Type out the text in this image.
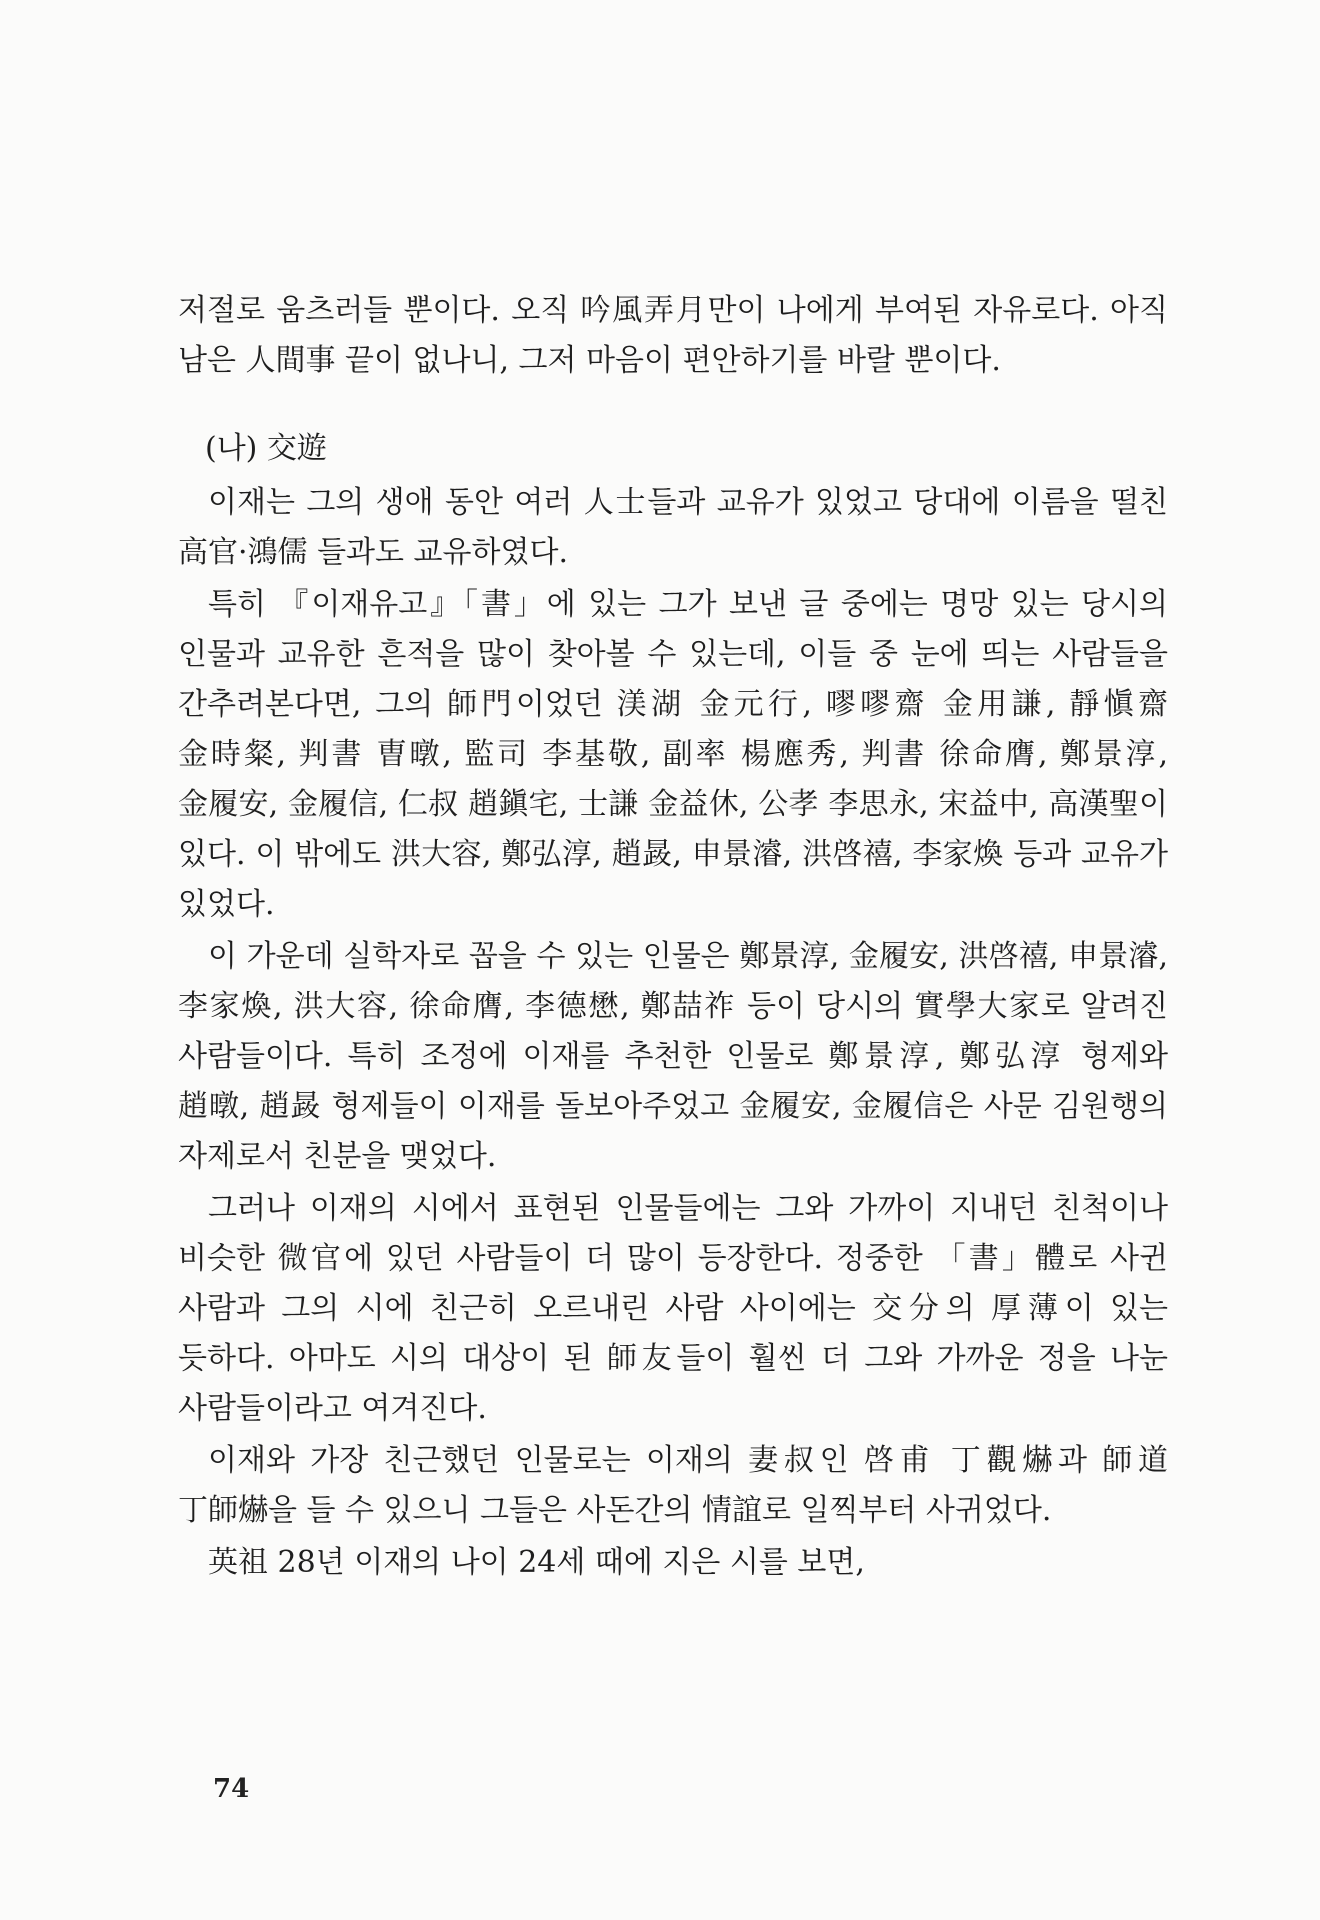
저절로 움츠러들 뿐이다. 오직 吟風弄月만이 나에게 부여된 자유로다. 아직 남은 人間事 끝이 없나니, 그저 마음이 편안하기를 바랄 뿐이다.

(나) 交遊

이재는 그의 생애 동안 여러 人士들과 교유가 있었고 당대에 이름을 떨친 高官·鴻儒 들과도 교유하였다.

특히 『이재유고』「書」에 있는 그가 보낸 글 중에는 명망 있는 당시의 인물과 교유한 흔적을 많이 찾아볼 수 있는데, 이들 중 눈에 띄는 사람들을 간추려본다면, 그의 師門이었던 渼湖 金元行, 嘐嘐齋 金用謙, 靜愼齋 金時粲, 判書 曺暾, 監司 李基敬, 副率 楊應秀, 判書 徐命膺, 鄭景淳, 金履安, 金履信, 仁叔 趙鎭宅, 士謙 金益休, 公孝 李思永, 宋益中, 高漢聖이 있다. 이 밖에도 洪大容, 鄭弘淳, 趙晸, 申景濬, 洪啓禧, 李家煥 등과 교유가 있었다.

이 가운데 실학자로 꼽을 수 있는 인물은 鄭景淳, 金履安, 洪啓禧, 申景濬, 李家煥, 洪大容, 徐命膺, 李德懋, 鄭喆祚 등이 당시의 實學大家로 알려진 사람들이다. 특히 조정에 이재를 추천한 인물로 鄭景淳, 鄭弘淳 형제와 趙暾, 趙晸 형제들이 이재를 돌보아주었고 金履安, 金履信은 사문 김원행의 자제로서 친분을 맺었다.

그러나 이재의 시에서 표현된 인물들에는 그와 가까이 지내던 친척이나 비슷한 微官에 있던 사람들이 더 많이 등장한다. 정중한 「書」體로 사귄 사람과 그의 시에 친근히 오르내린 사람 사이에는 交分의 厚薄이 있는 듯하다. 아마도 시의 대상이 된 師友들이 훨씬 더 그와 가까운 정을 나눈 사람들이라고 여겨진다.

이재와 가장 친근했던 인물로는 이재의 妻叔인 啓甫 丁觀爀과 師道 丁師爀을 들 수 있으니 그들은 사돈간의 情誼로 일찍부터 사귀었다.

英祖 28년 이재의 나이 24세 때에 지은 시를 보면,

74
